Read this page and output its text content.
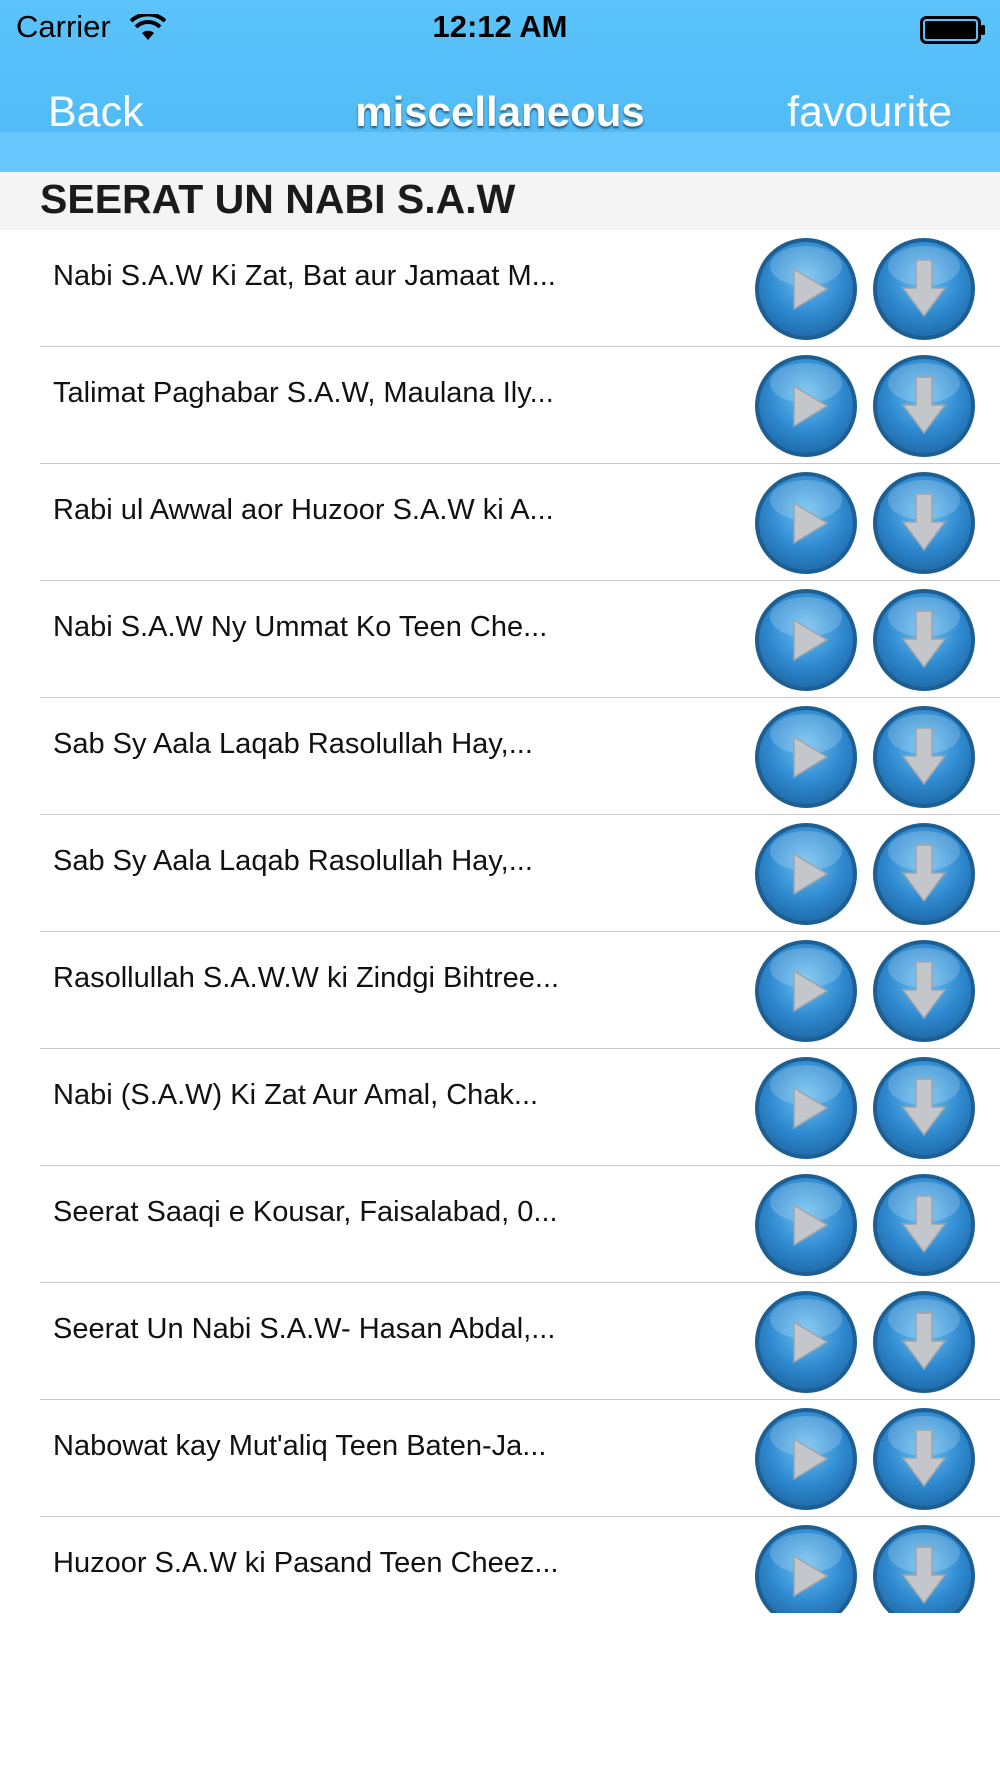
Carrier	12:12 AM
Back	miscellaneous	favourite
SEERAT UN NABI S.A.W
Nabi S.A.W Ki Zat, Bat aur Jamaat M...
Talimat Paghabar S.A.W, Maulana Ily...
Rabi ul Awwal aor Huzoor S.A.W ki A...
Nabi S.A.W Ny Ummat Ko Teen Che...
Sab Sy Aala Laqab Rasolullah Hay,...
Sab Sy Aala Laqab Rasolullah Hay,...
Rasollullah S.A.W.W ki Zindgi Bihtree...
Nabi (S.A.W) Ki Zat Aur Amal, Chak...
Seerat Saaqi e Kousar, Faisalabad, 0...
Seerat Un Nabi S.A.W- Hasan Abdal,...
Nabowat kay Mut'aliq Teen Baten-Ja...
Huzoor S.A.W ki Pasand Teen Cheez...
